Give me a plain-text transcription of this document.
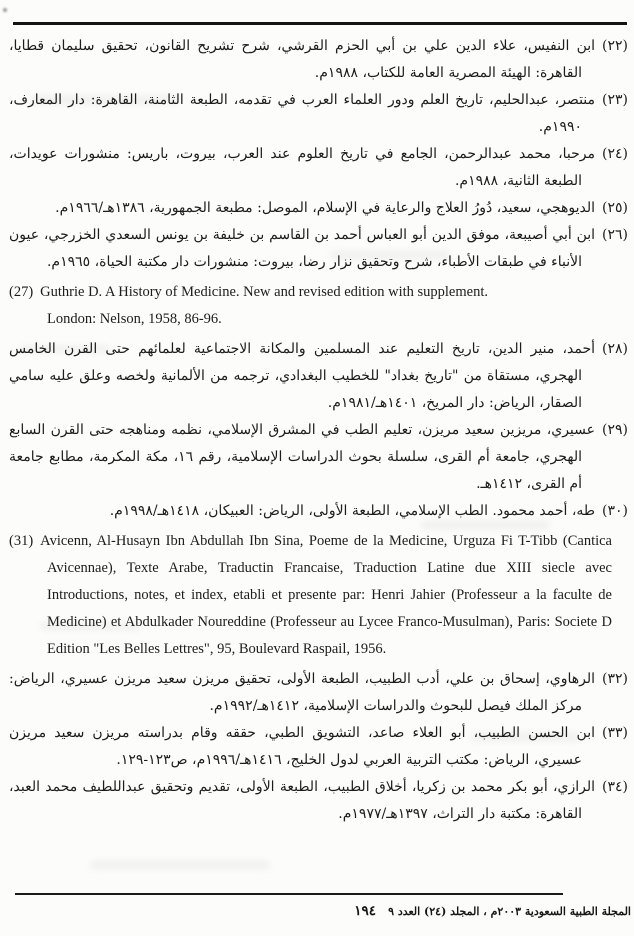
(٢٢)ابن النفيس، علاء الدين علي بن أبي الحزم القرشي، شرح تشريح القانون، تحقيق سليمان قطايا، القاهرة: الهيئة المصرية العامة للكتاب، ١٩٨٨م.

(٢٣)منتصر، عبدالحليم، تاريخ العلم ودور العلماء العرب في تقدمه، الطبعة الثامنة، القاهرة: دار المعارف، ١٩٩٠م.

(٢٤)مرحبا، محمد عبدالرحمن، الجامع في تاريخ العلوم عند العرب، بيروت، باريس: منشورات عويدات، الطبعة الثانية، ١٩٨٨م.

(٢٥)الديوهجي، سعيد، دُورُ العلاج والرعاية في الإسلام، الموصل: مطبعة الجمهورية، ١٣٨٦هـ/١٩٦٦م.

(٢٦)ابن أبي أصيبعة، موفق الدين أبو العباس أحمد بن القاسم بن خليفة بن يونس السعدي الخزرجي، عيون الأنباء في طبقات الأطباء، شرح وتحقيق نزار رضا، بيروت: منشورات دار مكتبة الحياة، ١٩٦٥م.

(27) Guthrie D. A History of Medicine. New and revised edition with supplement.
London: Nelson, 1958, 86-96.

(٢٨)أحمد، منير الدين، تاريخ التعليم عند المسلمين والمكانة الاجتماعية لعلمائهم حتى القرن الخامس الهجري، مستقاة من "تاريخ بغداد" للخطيب البغدادي، ترجمه من الألمانية ولخصه وعلق عليه سامي الصقار، الرياض: دار المريخ، ١٤٠١هـ/١٩٨١م.

(٢٩)عسيري، مريزين سعيد مريزن، تعليم الطب في المشرق الإسلامي، نظمه ومناهجه حتى القرن السابع الهجري، جامعة أم القرى، سلسلة بحوث الدراسات الإسلامية، رقم ١٦، مكة المكرمة، مطابع جامعة أم القرى، ١٤١٢هـ.

(٣٠)طه، أحمد محمود. الطب الإسلامي، الطبعة الأولى، الرياض: العبيكان، ١٤١٨هـ/١٩٩٨م.

(31) Avicenn, Al-Husayn Ibn Abdullah Ibn Sina, Poeme de la Medicine, Urguza Fi T-Tibb (Cantica Avicennae), Texte Arabe, Traductin Francaise, Traduction Latine due XIII siecle avec Introductions, notes, et index, etabli et presente par: Henri Jahier (Professeur a la faculte de Medicine) et Abdulkader Noureddine (Professeur au Lycee Franco-Musulman), Paris: Societe D Edition "Les Belles Lettres", 95, Boulevard Raspail, 1956.

(٣٢)الرهاوي، إسحاق بن علي، أدب الطبيب، الطبعة الأولى، تحقيق مريزن سعيد مريزن عسيري، الرياض: مركز الملك فيصل للبحوث والدراسات الإسلامية، ١٤١٢هـ/١٩٩٢م.

(٣٣)ابن الحسن الطبيب، أبو العلاء صاعد، التشويق الطبي، حققه وقام بدراسته مريزن سعيد مريزن عسيري، الرياض: مكتب التربية العربي لدول الخليج، ١٤١٦هـ/١٩٩٦م، ص١٢٣-١٢٩.

(٣٤)الرازي، أبو بكر محمد بن زكريا، أخلاق الطبيب، الطبعة الأولى، تقديم وتحقيق عبداللطيف محمد العبد، القاهرة: مكتبة دار التراث، ١٣٩٧هـ/١٩٧٧م.

المجلة الطبية السعودية ٢٠٠٣م ، المجلد (٢٤) العدد ٩
١٩٤
